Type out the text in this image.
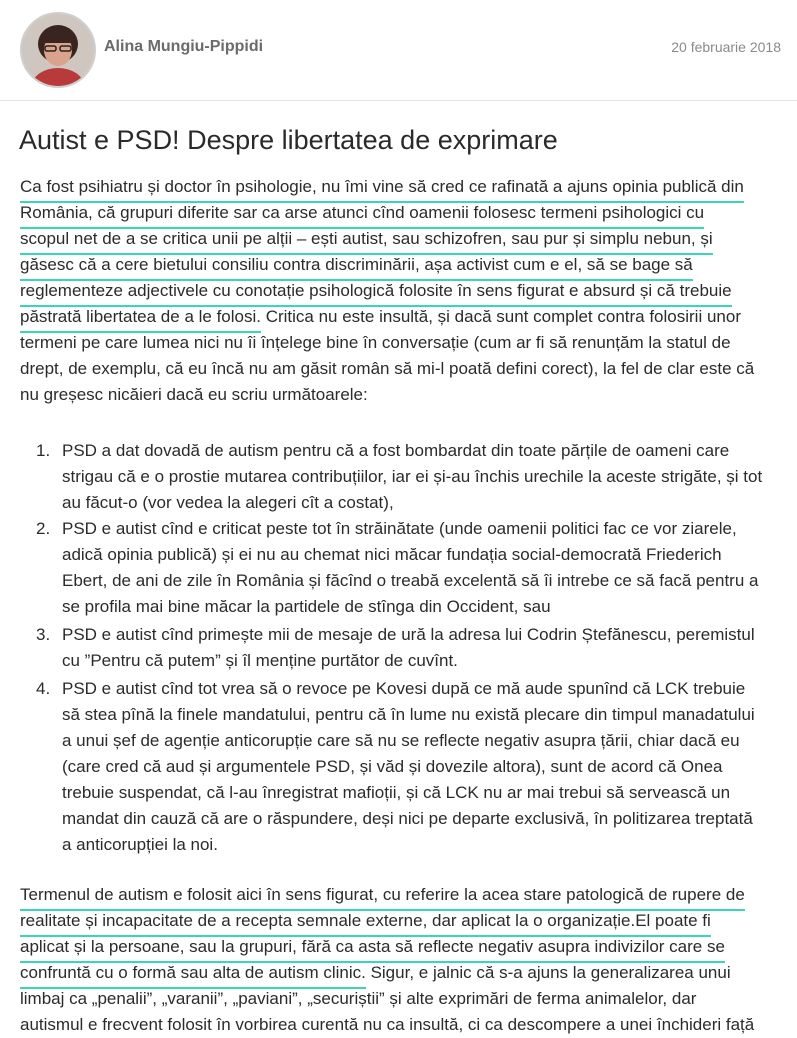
Alina Mungiu-Pippidi	20 februarie 2018
Autist e PSD! Despre libertatea de exprimare
Ca fost psihiatru și doctor în psihologie, nu îmi vine să cred ce rafinată a ajuns opinia publică din
România, că grupuri diferite sar ca arse atunci cînd oamenii folosesc termeni psihologici cu
scopul net de a se critica unii pe alții – ești autist, sau schizofren, sau pur și simplu nebun, și
găsesc că a cere bietului consiliu contra discriminării, așa activist cum e el, să se bage să
reglementeze adjectivele cu conotație psihologică folosite în sens figurat e absurd și că trebuie
păstrată libertatea de a le folosi. Critica nu este insultă, și dacă sunt complet contra folosirii unor
termeni pe care lumea nici nu îi înțelege bine în conversație (cum ar fi să renunțăm la statul de
drept, de exemplu, că eu încă nu am găsit român să mi-l poată defini corect), la fel de clar este că
nu greșesc nicăieri dacă eu scriu următoarele:
1. PSD a dat dovadă de autism pentru că a fost bombardat din toate părțile de oameni care
strigau că e o prostie mutarea contribuțiilor, iar ei și-au închis urechile la aceste strigăte, și tot
au făcut-o (vor vedea la alegeri cît a costat),
2. PSD e autist cînd e criticat peste tot în străinătate (unde oamenii politici fac ce vor ziarele,
adică opinia publică) și ei nu au chemat nici măcar fundația social-democrată Friederich
Ebert, de ani de zile în România și făcînd o treabă excelentă să îi intrebe ce să facă pentru a
se profila mai bine măcar la partidele de stînga din Occident, sau
3. PSD e autist cînd primește mii de mesaje de ură la adresa lui Codrin Ștefănescu, peremistul
cu ”Pentru că putem” și îl menține purtător de cuvînt.
4. PSD e autist cînd tot vrea să o revoce pe Kovesi după ce mă aude spunînd că LCK trebuie
să stea pînă la finele mandatului, pentru că în lume nu există plecare din timpul manadatului
a unui șef de agenție anticorupție care să nu se reflecte negativ asupra țării, chiar dacă eu
(care cred că aud și argumentele PSD, și văd și dovezile altora), sunt de acord că Onea
trebuie suspendat, că l-au înregistrat mafioții, și că LCK nu ar mai trebui să servească un
mandat din cauză că are o răspundere, deși nici pe departe exclusivă, în politizarea treptată
a anticorupției la noi.
Termenul de autism e folosit aici în sens figurat, cu referire la acea stare patologică de rupere de
realitate și incapacitate de a recepta semnale externe, dar aplicat la o organizație.El poate fi
aplicat și la persoane, sau la grupuri, fără ca asta să reflecte negativ asupra indivizilor care se
confruntă cu o formă sau alta de autism clinic. Sigur, e jalnic că s-a ajuns la generalizarea unui
limbaj ca „penalii”, „varanii”, „paviani”, „securiștii” și alte exprimări de ferma animalelor, dar
autismul e frecvent folosit în vorbirea curentă nu ca insultă, ci ca descompere a unei închideri față
